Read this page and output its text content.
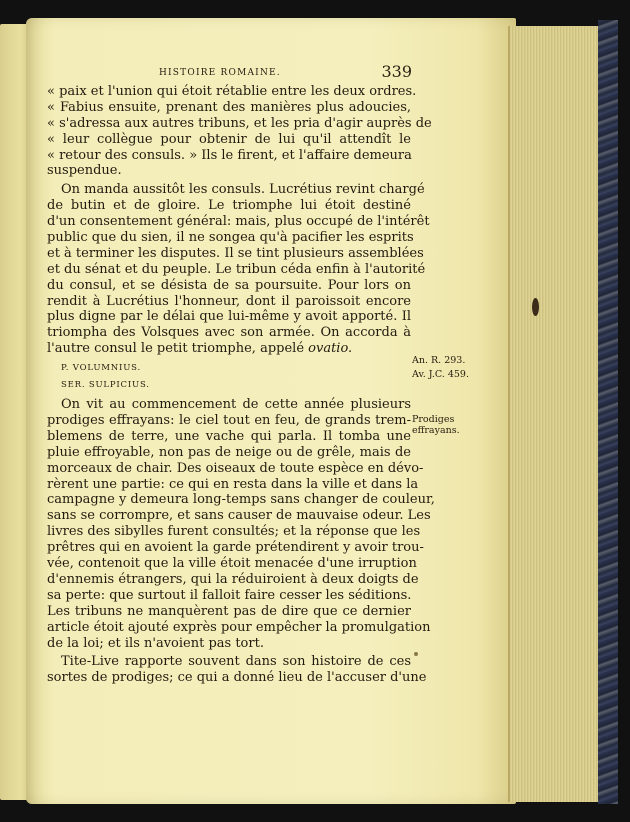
HISTOIRE ROMAINE.	339
« paix et l'union qui étoit rétablie entre les deux ordres.
« Fabius ensuite, prenant des manières plus adoucies,
« s'adressa aux autres tribuns, et les pria d'agir auprès de
« leur collègue pour obtenir de lui qu'il attendît le
« retour des consuls. » Ils le firent, et l'affaire demeura
suspendue.
On manda aussitôt les consuls. Lucrétius revint chargé
de butin et de gloire. Le triomphe lui étoit destiné
d'un consentement général: mais, plus occupé de l'intérêt
public que du sien, il ne songea qu'à pacifier les esprits
et à terminer les disputes. Il se tint plusieurs assemblées
et du sénat et du peuple. Le tribun céda enfin à l'autorité
du consul, et se désista de sa poursuite. Pour lors on
rendit à Lucrétius l'honneur, dont il paroissoit encore
plus digne par le délai que lui-même y avoit apporté. Il
triompha des Volsques avec son armée. On accorda à
l'autre consul le petit triomphe, appelé ovatio.
P. VOLUMNIUS.
SER. SULPICIUS.
On vit au commencement de cette année plusieurs
prodiges effrayans: le ciel tout en feu, de grands trem-
blemens de terre, une vache qui parla. Il tomba une
pluie effroyable, non pas de neige ou de grêle, mais de
morceaux de chair. Des oiseaux de toute espèce en dévo-
rèrent une partie: ce qui en resta dans la ville et dans la
campagne y demeura long-temps sans changer de couleur,
sans se corrompre, et sans causer de mauvaise odeur. Les
livres des sibylles furent consultés; et la réponse que les
prêtres qui en avoient la garde prétendirent y avoir trou-
vée, contenoit que la ville étoit menacée d'une irruption
d'ennemis étrangers, qui la réduiroient à deux doigts de
sa perte: que surtout il falloit faire cesser les séditions.
Les tribuns ne manquèrent pas de dire que ce dernier
article étoit ajouté exprès pour empêcher la promulgation
de la loi; et ils n'avoient pas tort.
Tite-Live rapporte souvent dans son histoire de ces
sortes de prodiges; ce qui a donné lieu de l'accuser d'une
An. R. 293.
Av. J.C. 459.
Prodiges effrayans.
